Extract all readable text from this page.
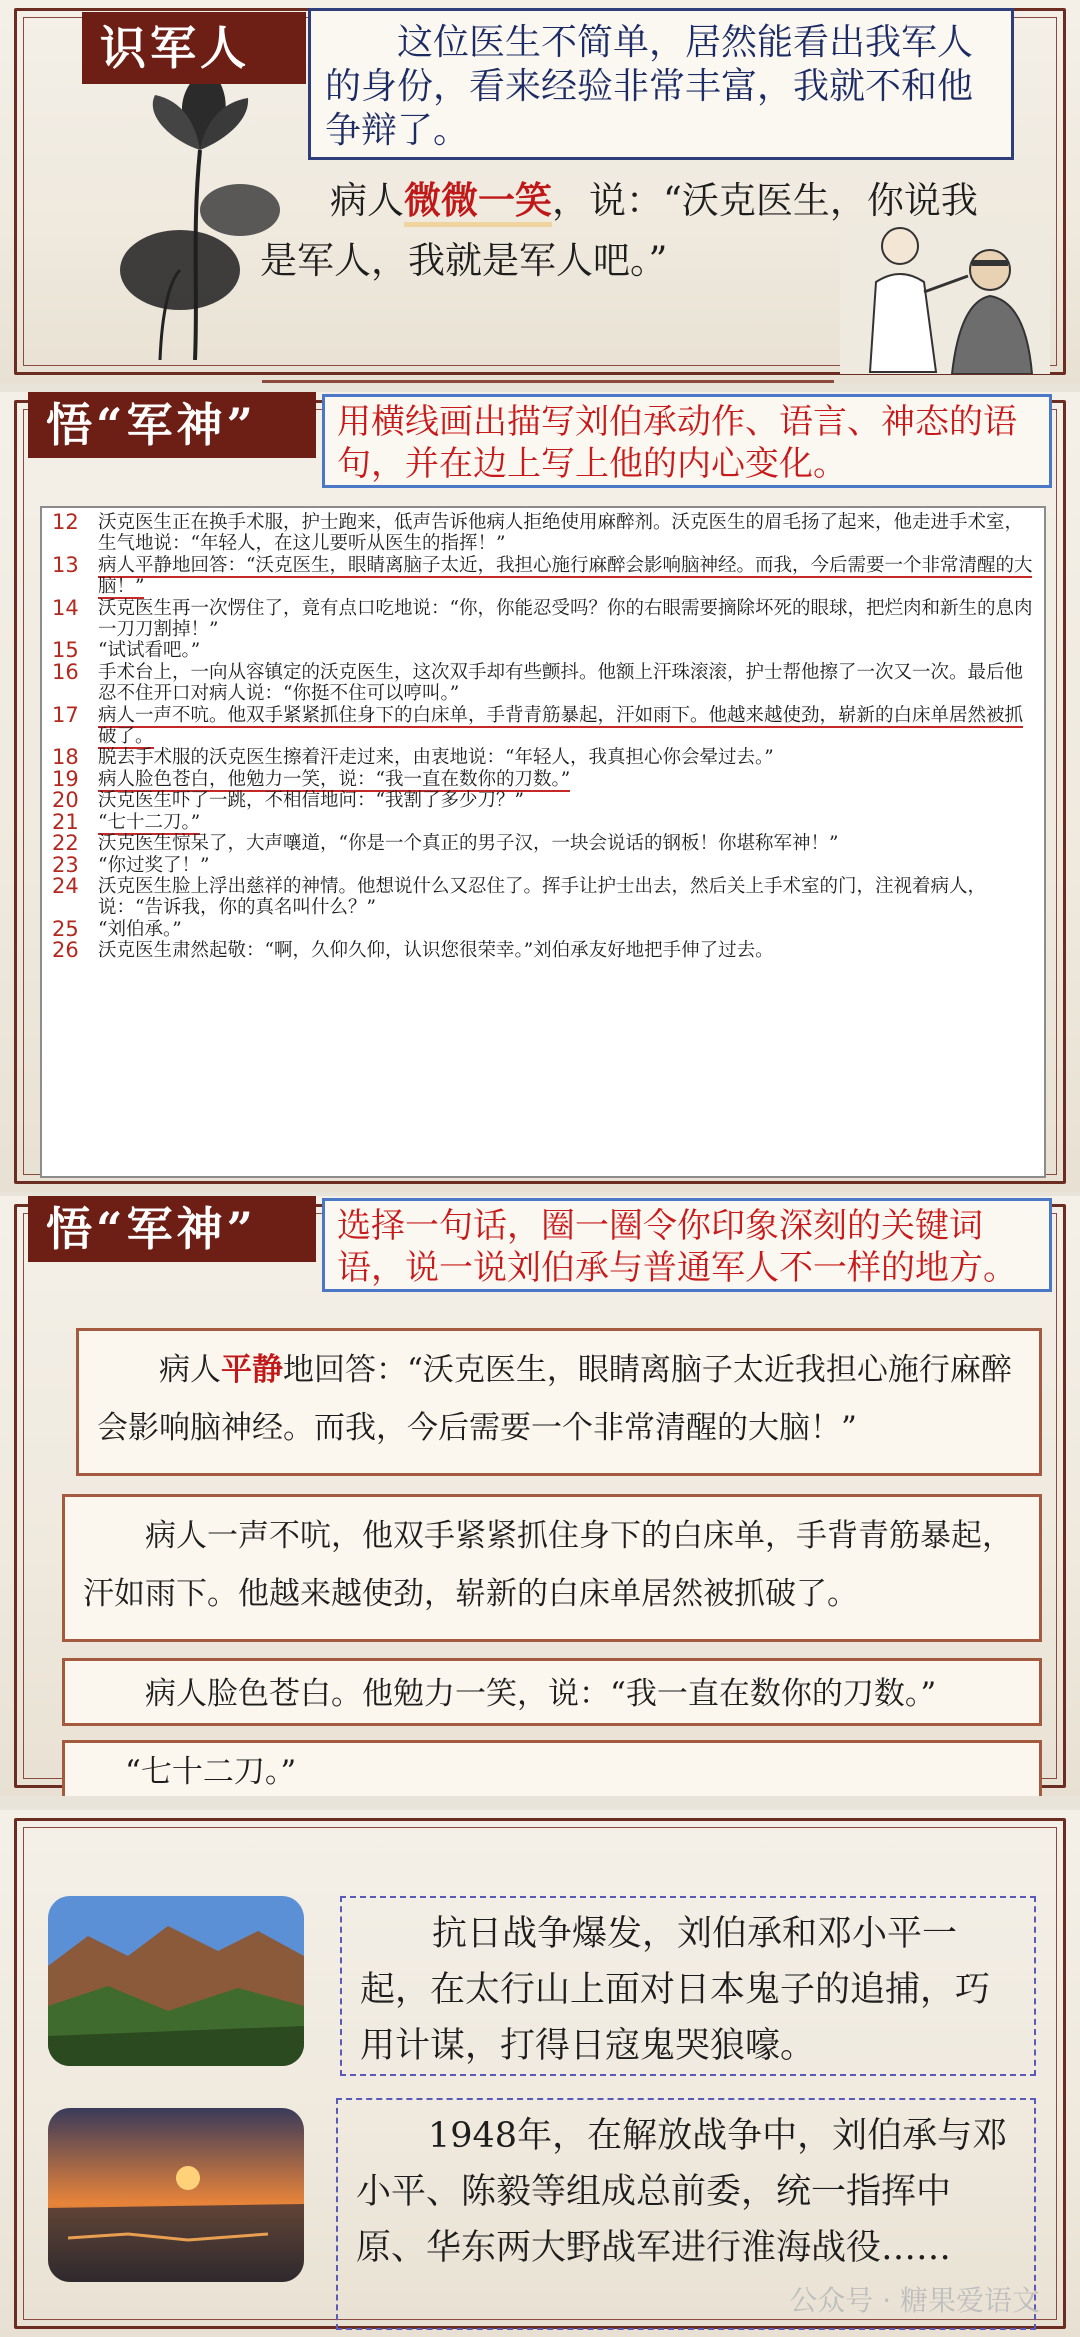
识军人	这位医生不简单，居然能看出我军人的身份，看来经验非常丰富，我就不和他争辩了。
病人微微一笑，说：“沃克医生，你说我是军人，我就是军人吧。”
悟“军神”	用横线画出描写刘伯承动作、语言、神态的语句，并在边上写上他的内心变化。
12 沃克医生正在换手术服，护士跑来，低声告诉他病人拒绝使用麻醉剂。沃克医生的眉毛扬了起来，他走进手术室，生气地说：“年轻人，在这儿要听从医生的指挥！”
13 病人平静地回答：“沃克医生，眼睛离脑子太近，我担心施行麻醉会影响脑神经。而我，今后需要一个非常清醒的大脑！”
14 沃克医生再一次愣住了，竟有点口吃地说：“你，你能忍受吗？你的右眼需要摘除坏死的眼球，把烂肉和新生的息肉一刀刀割掉！”
15 “试试看吧。”
16 手术台上，一向从容镇定的沃克医生，这次双手却有些颤抖。他额上汗珠滚滚，护士帮他擦了一次又一次。最后他忍不住开口对病人说：“你挺不住可以哼叫。”
17 病人一声不吭。他双手紧紧抓住身下的白床单，手背青筋暴起，汗如雨下。他越来越使劲，崭新的白床单居然被抓破了。
18 脱去手术服的沃克医生擦着汗走过来，由衷地说：“年轻人，我真担心你会晕过去。”
19 病人脸色苍白，他勉力一笑，说：“我一直在数你的刀数。”
20 沃克医生吓了一跳，不相信地问：“我割了多少刀？”
21 “七十二刀。”
22 沃克医生惊呆了，大声嚷道，“你是一个真正的男子汉，一块会说话的钢板！你堪称军神！”
23 “你过奖了！”
24 沃克医生脸上浮出慈祥的神情。他想说什么又忍住了。挥手让护士出去，然后关上手术室的门，注视着病人，说：“告诉我，你的真名叫什么？”
25 “刘伯承。”
26 沃克医生肃然起敬：“啊，久仰久仰，认识您很荣幸。”刘伯承友好地把手伸了过去。
悟“军神”	选择一句话，圈一圈令你印象深刻的关键词语，说一说刘伯承与普通军人不一样的地方。
病人平静地回答：“沃克医生，眼睛离脑子太近我担心施行麻醉会影响脑神经。而我，今后需要一个非常清醒的大脑！”
病人一声不吭，他双手紧紧抓住身下的白床单，手背青筋暴起，汗如雨下。他越来越使劲，崭新的白床单居然被抓破了。
病人脸色苍白。他勉力一笑，说：“我一直在数你的刀数。”
“七十二刀。”
抗日战争爆发，刘伯承和邓小平一起，在太行山上面对日本鬼子的追捕，巧用计谋，打得日寇鬼哭狼嚎。
1948年，在解放战争中，刘伯承与邓小平、陈毅等组成总前委，统一指挥中原、华东两大野战军进行淮海战役……
公众号 · 糖果爱语文
